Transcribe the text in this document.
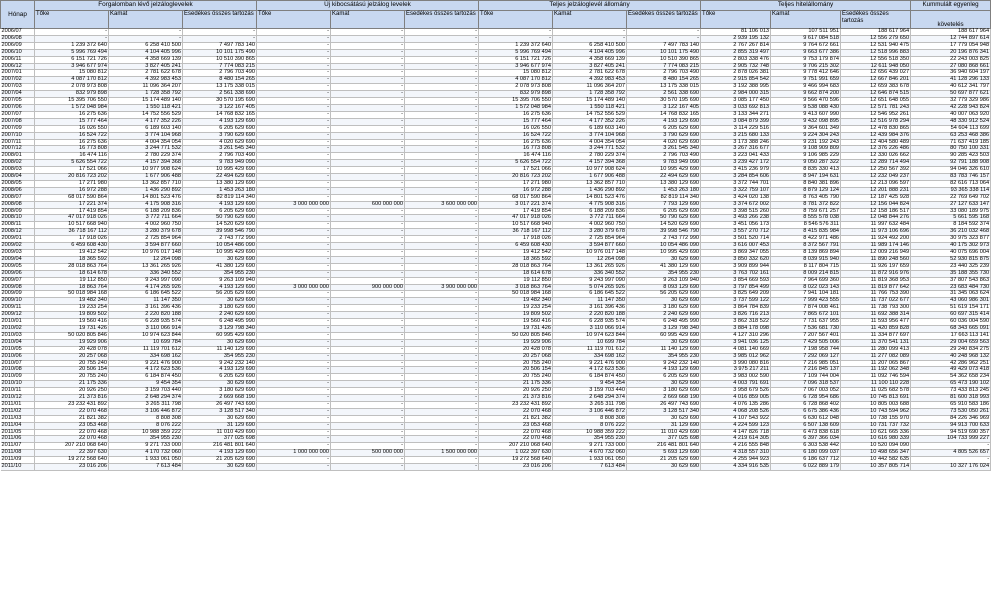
Hónap	Forgalomban lévő jelzáloglevelek			Új kibocsátású jelzálog levelek			Teljes jelzáloglevél állomány			Teljes hitelállomány			Kummulált egyenleg
	Tőke	Kamat	Esedékes összes tartozás	Tőke	Kamat	Esedékes összes tartozás	Tőke	Kamat	Esedékes összes tartozás	Tőke	Kamat	Esedékes összes tartozás	követelés
2006/07	-	-	-	-	-	-	-	-	-	81 106 013	107 511 951	188 617 964	188 617 964
2006/08	-	-	-	-	-	-	-	-	-	2 939 195 132	9 617 084 518	12 556 279 650	12 744 897 614
2006/09	1 239 372 640	6 258 410 500	7 497 783 140	-	-	-	1 239 372 640	6 258 410 500	7 497 783 140	2 767 267 814	9 764 672 661	12 531 940 475	17 779 054 948
2006/10	5 996 769 494	4 104 405 996	10 101 175 490	-	-	-	5 996 769 494	4 104 405 996	10 101 175 490	2 855 319 497	9 663 677 386	12 518 996 883	20 196 876 341
2006/11	6 151 721 726	4 358 669 139	10 510 390 865	-	-	-	6 151 721 726	4 358 669 139	10 510 390 865	2 803 338 476	9 753 179 874	12 556 518 350	22 243 003 825
2006/12	3 946 677 974	3 827 405 241	7 774 083 215	-	-	-	3 946 677 974	3 827 405 241	7 774 083 215	2 905 732 748	9 706 215 302	12 611 948 050	27 080 868 661
2007/01	15 080 812	2 781 622 678	2 796 703 490	-	-	-	15 080 812	2 781 622 678	2 796 703 490	2 878 026 381	9 778 412 646	12 656 439 027	36 940 604 197
2007/02	4 087 170 812	4 392 983 453	8 480 154 265	-	-	-	4 087 170 812	4 392 983 453	8 480 154 265	2 915 854 542	9 751 991 659	12 667 846 201	41 128 296 133
2007/03	2 078 973 808	11 096 364 207	13 175 338 015	-	-	-	2 078 973 808	11 096 364 207	13 175 338 015	3 192 388 995	9 466 994 683	12 659 383 678	40 612 341 797
2007/04	832 979 898	1 728 358 792	2 561 338 690	-	-	-	832 979 898	1 728 358 792	2 561 338 690	2 984 000 315	9 662 874 200	12 646 874 515	50 697 877 621
2007/05	15 395 706 550	15 174 489 140	30 570 195 690	-	-	-	15 395 706 550	15 174 489 140	30 570 195 690	3 085 177 450	9 566 470 596	12 651 648 055	32 779 329 986
2007/06	1 572 048 984	1 550 118 421	3 122 167 405	-	-	-	1 572 048 984	1 550 118 421	3 122 167 405	3 033 692 813	9 538 088 430	12 571 781 243	42 228 943 824
2007/07	16 275 636	14 752 556 529	14 768 832 165	-	-	-	16 275 636	14 752 556 529	14 768 832 165	3 133 344 271	9 413 607 990	12 546 952 261	40 007 063 920
2007/08	15 777 464	4 177 352 226	4 193 129 690	-	-	-	15 777 464	4 177 352 226	4 193 129 690	3 084 879 399	9 432 098 895	12 516 978 294	48 330 912 524
2007/09	16 026 550	6 189 603 140	6 205 629 690	-	-	-	16 026 550	6 189 603 140	6 205 629 690	3 114 229 516	9 364 601 349	12 478 830 865	54 604 113 699
2007/10	16 524 722	3 774 104 968	3 790 629 690	-	-	-	16 524 722	3 774 104 968	3 790 629 690	3 215 680 133	9 224 304 243	12 439 984 376	63 253 468 386
2007/11	16 275 636	4 004 354 054	4 020 629 690	-	-	-	16 275 636	4 004 354 054	4 020 629 690	3 173 388 246	9 231 192 243	12 404 580 489	71 637 419 185
2007/12	16 773 808	3 244 771 532	3 261 545 340	-	-	-	16 773 808	3 244 771 532	3 261 545 340	3 267 316 677	9 108 909 809	12 376 226 486	80 750 100 331
2008/01	16 474 116	2 780 229 374	2 796 703 490	-	-	-	16 474 116	2 780 229 374	2 796 703 490	3 223 041 433	9 106 985 229	12 330 026 662	90 285 423 503
2008/02	5 626 554 722	4 157 394 368	9 783 949 090	-	-	-	5 626 554 722	4 157 394 368	9 783 949 090	3 239 427 172	9 050 287 322	12 289 714 494	92 791 188 908
2008/03	17 521 066	10 977 908 624	10 995 429 690	-	-	-	17 521 066	10 977 908 624	10 995 429 690	3 415 236 979	8 835 330 413	12 250 567 392	94 046 326 610
2008/04	20 816 723 202	1 677 906 488	22 494 629 690	-	-	-	20 816 723 202	1 677 906 488	22 494 629 690	3 284 854 606	8 947 194 631	12 232 049 237	83 783 746 157
2008/05	17 271 980	13 362 857 710	13 380 129 690	-	-	-	17 271 980	13 362 857 710	13 380 129 690	3 372 744 701	8 840 381 896	12 213 096 597	82 616 713 064
2008/06	16 972 288	1 436 290 892	1 453 263 180	-	-	-	16 972 288	1 436 290 892	1 453 263 180	3 322 759 107	8 879 129 124	12 201 888 231	93 365 338 114
2008/07	68 017 590 864	14 801 523 476	82 819 114 340	-	-	-	68 017 590 864	14 801 523 476	82 819 114 340	3 424 020 138	8 763 405 790	12 187 425 928	22 769 649 702
2008/08	17 221 374	4 175 908 316	4 193 129 690	3 000 000 000	600 000 000	3 600 000 000	3 017 221 374	4 775 908 316	7 793 129 690	3 374 672 002	8 781 372 822	12 156 044 824	27 127 633 147
2008/09	17 419 854	6 188 209 836	6 205 629 690	-	-	-	17 419 854	6 188 209 836	6 205 629 690	3 398 515 260	8 759 671 257	12 158 186 517	33 080 189 975
2008/10	47 017 918 026	3 772 711 664	50 790 629 690	-	-	-	47 017 918 026	3 772 711 664	50 790 629 690	3 493 266 238	8 555 578 038	12 048 844 276	5 661 595 168
2008/11	10 517 668 940	4 002 960 750	14 520 629 690	-	-	-	10 517 668 940	4 002 960 750	14 520 629 690	3 451 056 173	8 546 576 311	11 997 632 484	8 184 592 374
2008/12	36 718 167 112	3 280 379 678	39 998 546 790	-	-	-	36 718 167 112	3 280 379 678	39 998 546 790	3 557 270 712	8 415 835 984	11 973 106 696	36 210 032 468
2009/01	17 918 026	2 725 854 964	2 743 772 990	-	-	-	17 918 026	2 725 854 964	2 743 772 990	3 501 520 714	8 422 971 486	11 924 492 200	30 975 323 877
2009/02	6 459 608 430	3 594 877 660	10 054 486 090	-	-	-	6 459 608 430	3 594 877 660	10 054 486 090	3 616 007 453	8 372 567 791	11 989 174 146	40 175 302 973
2009/03	19 412 542	10 976 017 148	10 995 429 690	-	-	-	19 412 542	10 976 017 148	10 995 429 690	3 869 347 055	8 139 869 894	12 009 216 949	40 075 696 004
2009/04	18 365 592	12 264 098	30 629 690	-	-	-	18 365 592	12 264 098	30 629 690	3 850 332 620	8 039 915 940	11 890 248 560	52 930 815 875
2009/05	28 018 863 764	13 361 265 926	41 380 129 690	-	-	-	28 018 863 764	13 361 265 926	41 380 129 690	3 909 899 944	8 117 804 715	11 926 197 659	23 440 325 239
2009/06	18 614 678	336 340 552	354 955 230	-	-	-	18 614 678	336 340 552	354 955 230	3 763 702 161	8 009 214 815	11 872 916 976	35 188 355 730
2009/07	19 112 850	9 243 997 090	9 263 109 940	-	-	-	19 112 850	9 243 997 090	9 263 109 940	3 854 669 593	7 964 699 360	11 819 368 953	37 807 543 863
2009/08	18 863 764	4 174 265 926	4 193 129 690	3 000 000 000	900 000 000	3 900 000 000	3 018 863 764	5 074 265 926	8 093 129 690	3 797 854 499	8 022 023 143	11 819 877 642	23 683 484 730
2009/09	50 018 984 168	6 186 645 522	56 205 629 690	-	-	-	50 018 984 168	6 186 645 522	56 205 629 690	3 825 649 209	7 941 104 181	11 766 753 390	31 345 063 624
2009/10	19 482 340	11 147 350	30 629 690	-	-	-	19 482 340	11 147 350	30 629 690	3 737 599 122	7 999 423 555	11 737 022 677	43 060 986 301
2009/11	19 233 254	3 161 396 436	3 180 629 690	-	-	-	19 233 254	3 161 396 436	3 180 629 690	3 864 784 839	7 874 008 461	11 738 793 300	51 619 154 171
2009/12	19 809 502	2 220 820 188	2 240 629 690	-	-	-	19 809 502	2 220 820 188	2 240 629 690	3 826 716 213	7 865 672 101	11 692 388 314	60 697 315 414
2010/01	19 560 416	6 228 935 574	6 248 495 990	-	-	-	19 560 416	6 228 935 574	6 248 495 990	3 862 318 522	7 731 637 955	11 593 956 477	60 036 004 590
2010/02	19 731 426	3 110 066 914	3 129 798 340	-	-	-	19 731 426	3 110 066 914	3 129 798 340	3 884 178 098	7 536 681 730	11 420 859 828	68 343 665 091
2010/03	50 020 805 846	10 974 623 844	60 995 429 690	-	-	-	50 020 805 846	10 974 623 844	60 995 429 690	4 127 310 296	7 207 567 401	11 334 877 697	17 663 113 141
2010/04	19 929 906	10 699 784	30 629 690	-	-	-	19 929 906	10 699 784	30 629 690	3 941 036 125	7 429 505 006	11 370 541 131	29 004 659 563
2010/05	20 428 078	11 119 701 612	11 140 129 690	-	-	-	20 428 078	11 119 701 612	11 140 129 690	4 081 140 669	7 198 958 744	11 280 099 413	29 240 834 275
2010/06	20 257 068	334 698 162	354 955 230	-	-	-	20 257 068	334 698 162	354 955 230	3 985 012 962	7 292 069 127	11 277 082 089	40 248 968 132
2010/07	20 755 240	9 221 476 900	9 242 232 140	-	-	-	20 755 240	9 221 476 900	9 242 232 140	3 990 080 816	7 216 985 051	11 207 065 867	42 286 962 251
2010/08	20 506 154	4 172 623 536	4 193 129 690	-	-	-	20 506 154	4 172 623 536	4 193 129 690	3 975 217 211	7 216 845 137	11 192 062 348	49 429 073 418
2010/09	20 755 240	6 184 874 450	6 205 629 690	-	-	-	20 755 240	6 184 874 450	6 205 629 690	3 983 002 590	7 109 744 004	11 092 746 594	54 362 658 234
2010/10	21 175 336	9 454 354	30 629 690	-	-	-	21 175 336	9 454 354	30 629 690	4 003 791 691	7 096 318 537	11 100 110 228	65 473 190 102
2010/11	20 926 250	3 159 703 440	3 180 629 690	-	-	-	20 926 250	3 159 703 440	3 180 629 690	3 958 679 526	7 067 003 052	11 025 682 578	73 433 813 245
2010/12	21 373 816	2 648 294 374	2 669 668 190	-	-	-	21 373 816	2 648 294 374	2 669 668 190	4 016 859 005	6 728 954 686	10 745 813 691	81 600 318 993
2011/01	23 232 431 892	3 265 311 798	26 497 743 690	-	-	-	23 232 431 892	3 265 311 798	26 497 743 690	4 076 135 286	6 728 868 402	10 805 003 688	65 910 583 186
2011/02	22 070 468	3 106 446 872	3 128 517 340	-	-	-	22 070 468	3 106 446 872	3 128 517 340	4 068 208 526	6 675 386 436	10 743 594 962	73 530 050 261
2011/03	21 821 382	8 808 308	30 629 690	-	-	-	21 821 382	8 808 308	30 629 690	4 107 543 922	6 630 612 048	10 738 155 970	84 226 346 969
2011/04	23 053 468	8 076 222	31 129 690	-	-	-	23 053 468	8 076 222	31 129 690	4 224 599 123	6 507 138 609	10 731 737 732	94 913 700 633
2011/05	22 070 468	10 988 359 222	11 010 429 690	-	-	-	22 070 468	10 988 359 222	11 010 429 690	4 147 826 718	6 473 838 618	10 621 665 336	94 519 690 357
2011/06	22 070 468	354 955 230	377 025 698	-	-	-	22 070 468	354 955 230	377 025 698	4 219 614 305	6 397 366 034	10 616 980 339	104 733 999 227
2011/07	207 210 068 640	9 271 733 000	216 481 801 640	-	-	-	207 210 068 640	9 271 733 000	216 481 801 640	4 216 555 848	6 303 538 442	10 520 094 090	-
2011/08	22 397 630	4 170 732 060	4 193 129 690	1 000 000 000	500 000 000	1 500 000 000	1 022 397 630	4 670 732 060	5 693 129 690	4 318 557 310	6 180 099 037	10 498 656 347	4 805 526 657
2011/09	19 272 568 640	1 933 061 050	21 205 629 690	-	-	-	19 272 568 640	1 933 061 050	21 205 629 690	4 255 944 923	6 186 637 712	10 442 582 635	-
2011/10	23 016 206	7 613 484	30 629 690	-	-	-	23 016 206	7 613 484	30 629 690	4 334 916 535	6 022 889 179	10 357 805 714	10 327 176 024
